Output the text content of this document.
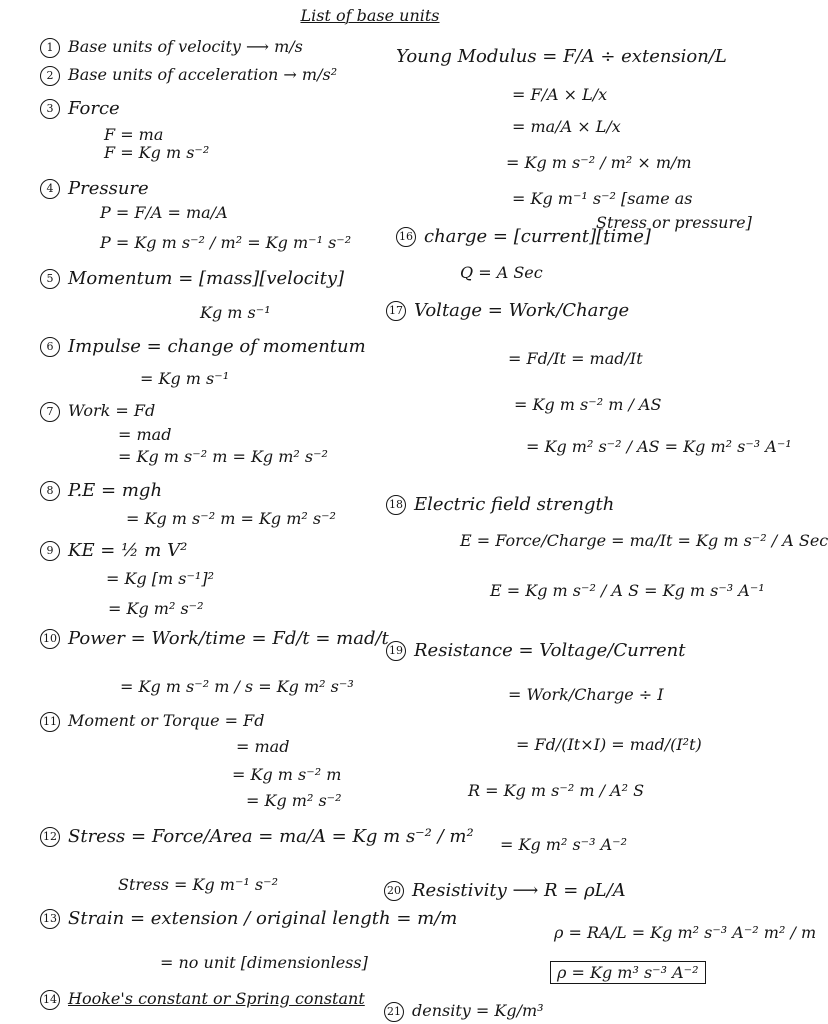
List of base units
1 Base units of velocity ⟶ m/s
2 Base units of acceleration → m/s²
3 Force
F = ma
F = Kg m s⁻²
4 Pressure
P = F/A = ma/A
P = Kg m s⁻² / m² = Kg m⁻¹ s⁻²
5 Momentum = [mass][velocity]
Kg m s⁻¹
6 Impulse = change of momentum
= Kg m s⁻¹
7 Work = Fd
= mad
= Kg m s⁻² m = Kg m² s⁻²
8 P.E = mgh
= Kg m s⁻² m = Kg m² s⁻²
9 KE = ½ m V²
= Kg [m s⁻¹]²
= Kg m² s⁻²
10 Power = Work/time = Fd/t = mad/t
= Kg m s⁻² m / s = Kg m² s⁻³
11 Moment or Torque = Fd
= mad
= Kg m s⁻² m
= Kg m² s⁻²
12 Stress = Force/Area = ma/A = Kg m s⁻² / m²
Stress = Kg m⁻¹ s⁻²
13 Strain = extension / original length = m/m
= no unit [dimensionless]
14 Hooke's constant or Spring constant
Young Modulus = F/A ÷ extension/L
= F/A × L/x
= ma/A × L/x
= Kg m s⁻² / m² × m/m
= Kg m⁻¹ s⁻² [same as
Stress or pressure]
16 charge = [current][time]
Q = A Sec
17 Voltage = Work/Charge
= Fd/It = mad/It
= Kg m s⁻² m / AS
= Kg m² s⁻² / AS = Kg m² s⁻³ A⁻¹
18 Electric field strength
E = Force/Charge = ma/It = Kg m s⁻² / A Sec
E = Kg m s⁻² / A S = Kg m s⁻³ A⁻¹
19 Resistance = Voltage/Current
= Work/Charge ÷ I
= Fd/(It×I) = mad/(I²t)
R = Kg m s⁻² m / A² S
= Kg m² s⁻³ A⁻²
20 Resistivity ⟶ R = ρL/A
ρ = RA/L = Kg m² s⁻³ A⁻² m² / m
ρ = Kg m³ s⁻³ A⁻²
21 density = Kg/m³
